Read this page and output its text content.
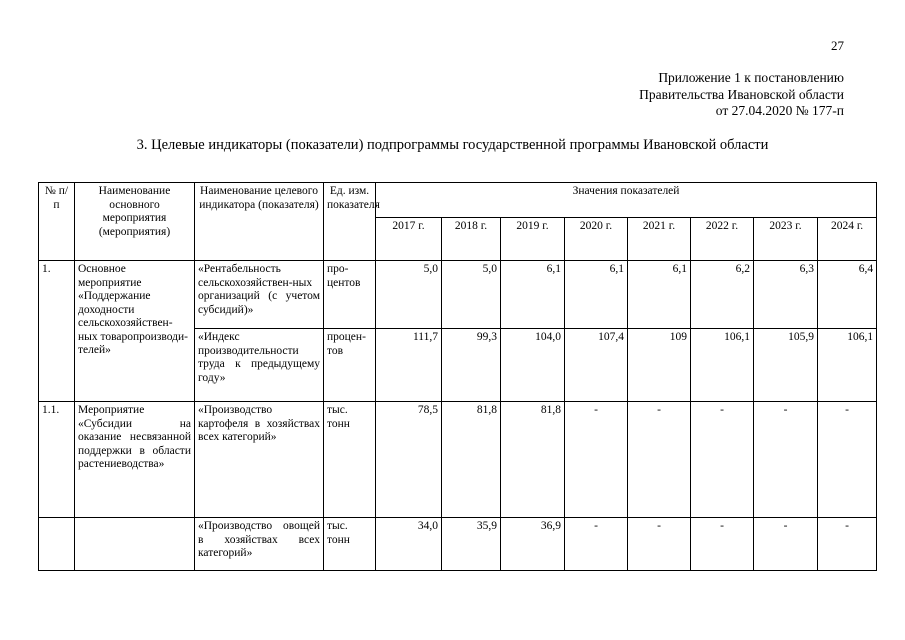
27
Приложение 1 к постановлению
Правительства Ивановской области
от 27.04.2020 № 177-п
3. Целевые индикаторы (показатели) подпрограммы государственной программы Ивановской области
№ п/п	Наименование основного мероприятия (мероприятия)	Наименование целевого индикатора (показателя)	Ед. изм. показателя	Значения показателей							
				2017 г.	2018 г.	2019 г.	2020 г.	2021 г.	2022 г.	2023 г.	2024 г.
1.	Основное мероприятие «Поддержание доходности сельскохозяйствен-ных товаропроизводи-телей»	«Рентабельность сельскохозяйствен-ных организаций (с учетом субсидий)»	про-центов	5,0	5,0	6,1	6,1	6,1	6,2	6,3	6,4
		«Индекс производительности труда к предыдущему году»	процен-тов	111,7	99,3	104,0	107,4	109	106,1	105,9	106,1
1.1.	Мероприятие «Субсидии на оказание несвязанной поддержки в области растениеводства»	«Производство картофеля в хозяйствах всех категорий»	тыс. тонн	78,5	81,8	81,8	-	-	-	-	-
		«Производство овощей в хозяйствах всех категорий»	тыс. тонн	34,0	35,9	36,9	-	-	-	-	-
